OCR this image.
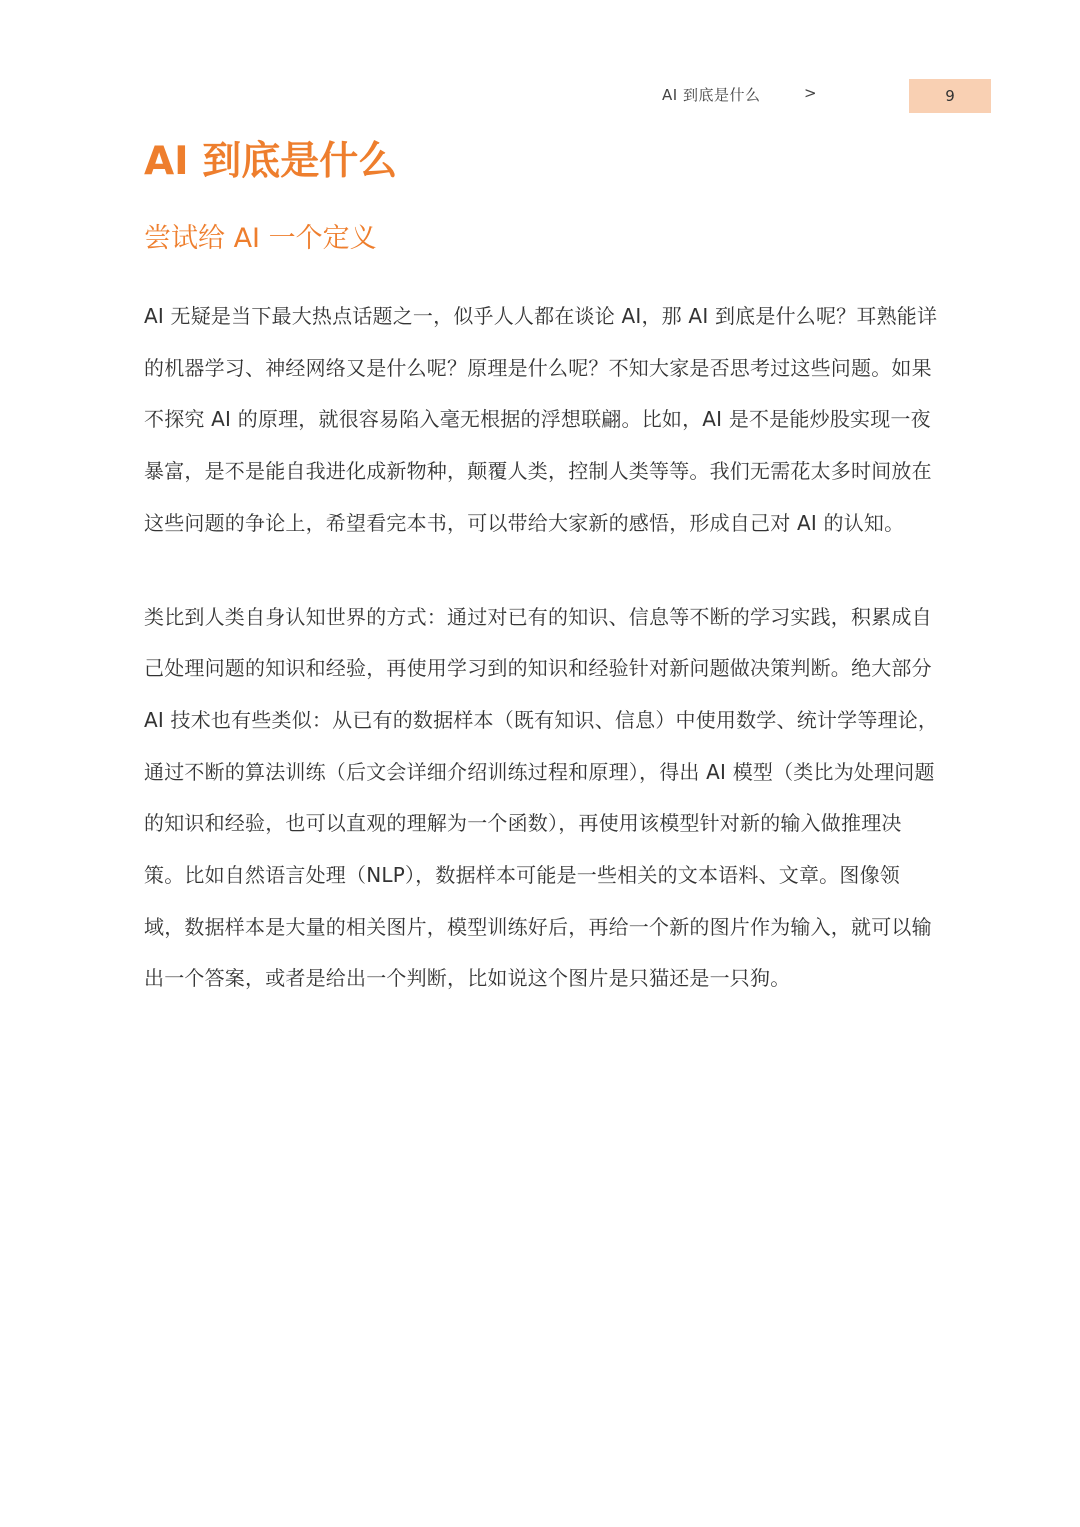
AI 到底是什么	>	9
AI 到底是什么
尝试给 AI 一个定义

AI 无疑是当下最大热点话题之一，似乎人人都在谈论 AI，那 AI 到底是什么呢？耳熟能详的机器学习、神经网络又是什么呢？原理是什么呢？不知大家是否思考过这些问题。如果不探究 AI 的原理，就很容易陷入毫无根据的浮想联翩。比如，AI 是不是能炒股实现一夜暴富，是不是能自我进化成新物种，颠覆人类，控制人类等等。我们无需花太多时间放在这些问题的争论上，希望看完本书，可以带给大家新的感悟，形成自己对 AI 的认知。

类比到人类自身认知世界的方式：通过对已有的知识、信息等不断的学习实践，积累成自己处理问题的知识和经验，再使用学习到的知识和经验针对新问题做决策判断。绝大部分 AI 技术也有些类似：从已有的数据样本（既有知识、信息）中使用数学、统计学等理论，通过不断的算法训练（后文会详细介绍训练过程和原理），得出 AI 模型（类比为处理问题的知识和经验，也可以直观的理解为一个函数），再使用该模型针对新的输入做推理决策。比如自然语言处理（NLP），数据样本可能是一些相关的文本语料、文章。图像领域，数据样本是大量的相关图片，模型训练好后，再给一个新的图片作为输入，就可以输出一个答案，或者是给出一个判断，比如说这个图片是只猫还是一只狗。
